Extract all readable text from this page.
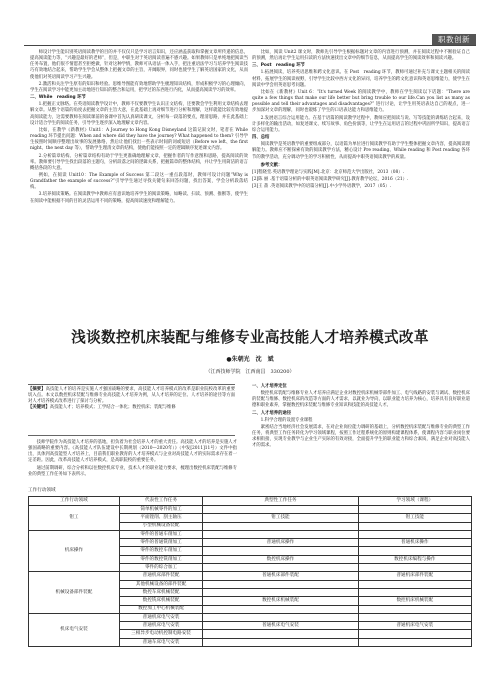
职教创新

师设计学生能识别英语阅读教学的目的并不仅仅只是学习语言知识，还应涵盖获取和掌握文章所传递的信息，提高阅读能力等，“兴趣是最好的老师”，但是，中职生对于英语阅读普遍不感兴趣。如果教师只是单纯地把阅读当任务布置，他们很不情愿甚至拒绝做，针对这种学情，教师可从语法一体入手，把注重语法学习与培养学生阅读技巧有效地结合起来，帮助学生学会从整体上把握文章的主旨，开阔眼界，同时也使学生了解英语国家的文化，从而使他们对英语阅读学习产生兴趣。

2.激活和关注学生原有的知识和经验。思维导图能有效地帮助学生梳理知识结构，形成积极学习的心理倾向，学生在阅读学习中能更加主动地进行知识的整合和运用，把学过的东西进行内化，从而提高阅读学习的效率。

二、While　reading 环节

1.把握正文脉络。在英语阅读教学设计中，教师不仅要教学生认识正文结构，还要教会学生利用文章结构去理解文章。从整个语篇的角度去把握文章的主旨大意，在此基础上再对细节进行分析和理解，这样就能比较有效地提高阅读能力，这需要教师在阅读课前的备课中首先认真研读课文，分析每一段落的要点，理清思路，并在此基础上设计适合学生的阅读任务，引导学生逐步深入地理解文章内容。

比如，在教学《新教材》Unit1：A Journey to Hong Kong Disneyland 这篇记叙文时，笔者在 While　reading 环节提出问题：When and where did they have the journey? What happened to them? 引导学生按照时间顺序整理出故事的发展脉络，然后让他们找出一些表示时间的词或短语（Before we left、the first night、the next day 等），帮助学生理清文章的结构，使他们能按照一定的逻辑顺序复述课文内容。

2.分析篇章结构。分析篇章结构有助于学生更准确地理解文章，把握作者的写作意图和思路，提高阅读的效率。教师要引导学生找出段落的主题句，分析段落之间的逻辑关系，把握篇章的整体结构，并让学生用简洁的语言概括各段的大意。

例如，在阅读 Unit10：The Example of Success 第二段这一重点段落时，教师可设计问题“Why is Grandfather the example of success?”引导学生通过寻找关键句来回答问题，找出答案，学会分析段落结构。

3.培养阅读策略。在阅读教学中教师应有意识地培养学生的阅读策略，如略读、扫读、预测、推断等，使学生在阅读中能根据不同的目的灵活运用不同的策略，提高阅读速度和理解能力。

比如，阅读 Unit2 课文时，教师先引导学生根据标题对文章的内容进行预测，并在阅读过程中不断验证自己的预测，然后再让学生运用扫读的方法快速找出文章中的细节信息，从而提高学生的阅读效率和阅读兴趣。

三、Post　reading 环节

1.拓展阅读，培养英语思维和跨文化意识。在 Post　reading 环节，教师可通过补充与课文主题相关的阅读材料，拓展学生的阅读视野，引导学生比较中西方文化的异同，培养学生的跨文化意识和英语思维能力，使学生在阅读中学会用英语思考问题。

比如在《新教材》Unit 6：“It's turned Week 的阅读教学中，教师在学生阅读以下话题：“There are quite a few things that make our life better but bring trouble to our life.Can you list as many as possible and tell their advantages and disadvantages?” 进行讨论，让学生用英语表达自己的观点，进一步加深对文章的理解，同时也锻炼了学生的口语表达能力和思维能力。

2.发展语言综合运用能力。在基于语篇的阅读教学过程中，教师应把阅读与说、写等技能的训练结合起来，设计多样化的输出活动，如复述课文、续写故事、角色扮演等，让学生在运用语言的过程中巩固所学知识，提高语言综合运用能力。

四、总结

阅读教学是英语教学的重要组成部分，以语篇为单位进行阅读教学有助于学生整体把握文章内容，提高阅读理解能力。教师应不断探索有效的阅读教学方法，精心设计 Pre reading、While reading 和 Post reading 各环节的教学活动，充分调动学生的学习积极性，从而提高中职英语阅读教学的质量。

参考文献：

[1]程晓堂.英语教学理论与实践[M].北京：北京师范大学出版社，2013（08）.

[2]陈 丽 .基于语篇分析的中职英语阅读教学研究[J].教育教学论坛，2016（21）.

[3]王 蔷 .英语阅读教学中的语篇分析[J].中小学外语教学，2017（05）.

浅谈数控机床装配与维修专业高技能人才培养模式改革
●朱朝光　沈　斌
（江西技师学院　江西南昌　330200）

【摘要】高技能人才的培养是实施人才强国战略的要求，高技能人才培养模式的改革是职业院校改革的重要切入点。本文以数控机床装配与维修专业高技能人才培养为例，从人才培养的定位、人才培养的途径等方面对人才培养模式改革进行了探讨与分析。

【关键词】高技能人才；培养模式；工学结合一体化；数控机床；装配与维修

技师学院作为高技能人才培养的基地，担负着为社会培养人才的重大责任。高技能人才的培养是实施人才强国战略的重要内容。《高技能人才队伍建设中长期规划（2010—2020年）》（中发[2011]11号）文件中指出，具体到高技能型人才培养上，目前我们职业教育的人才培养模式与企业对高技能人才的实际需求存在着一定差距。因此，改革高技能人才培养模式，是高职院校的重要任务。

通过前期调研，综合分析和以往数控机床专业，技术人才的职业能力要求，梳理出数控机床装配与维修专业的典型工作任务如下表所示。

一、人才培养定位

数控机床装配与维修专业人才培养应满足企业对数控机床机械零部件加工、电气线路的安装与调试、数控机床的装配与维修、数控机床的改造等方面的人才需求，以就业为导向，以职业能力培养为核心，培养具有良好职业道德和职业素养，掌握数控机床装配与维修专业知识和技能的高技能人才。

二、人才培养的途径

1.科学合理的设置专业课程

紧密结合当地经济社会发展需求，在对企业岗位能力调研的基础上，分析数控机床装配与维修专业的典型工作任务，将典型工作任务转化为学习领域课程，按照工作过程系统化的原则构建课程体系，使课程内容与职业岗位要求相衔接，实现专业教学与企业生产实际的有效对接，全面提升学生的职业能力和综合素质，满足企业对高技能人才的需求。

工作行动领域
工作行动领域	代表性工作任务	典型性工作任务	学习领域（课程）
钳工	简单机械零件的加工		
	平面锉削、刮主轴压	钳工技能	钳工技能
	小型机械设备装配		
机床操作	零件的普通车削加工		
	零件的普通铣削加工	普通机床操作	普通机床操作
	零件的数控车削加工		
	零件的数控铣削加工	数控机床操作	数控机床编程与操作
	零件的综合加工		
机械设备部件装配	普通机床部件装配	普通机床部件装配	普通机床部件装配
	其他机械设备的部件装配		
	数控车床机械装配		
	数控铣床机械装配	数控机床机械装配	数控机床机械装配
	数控加工中心机械装配		
机床电气安装	普通机床电气安装		
	普通机床电气安装	普通机床电气安装	普通机床电气安装
	三相异步电动机控制电路安装		
	普通车床电气安装		
